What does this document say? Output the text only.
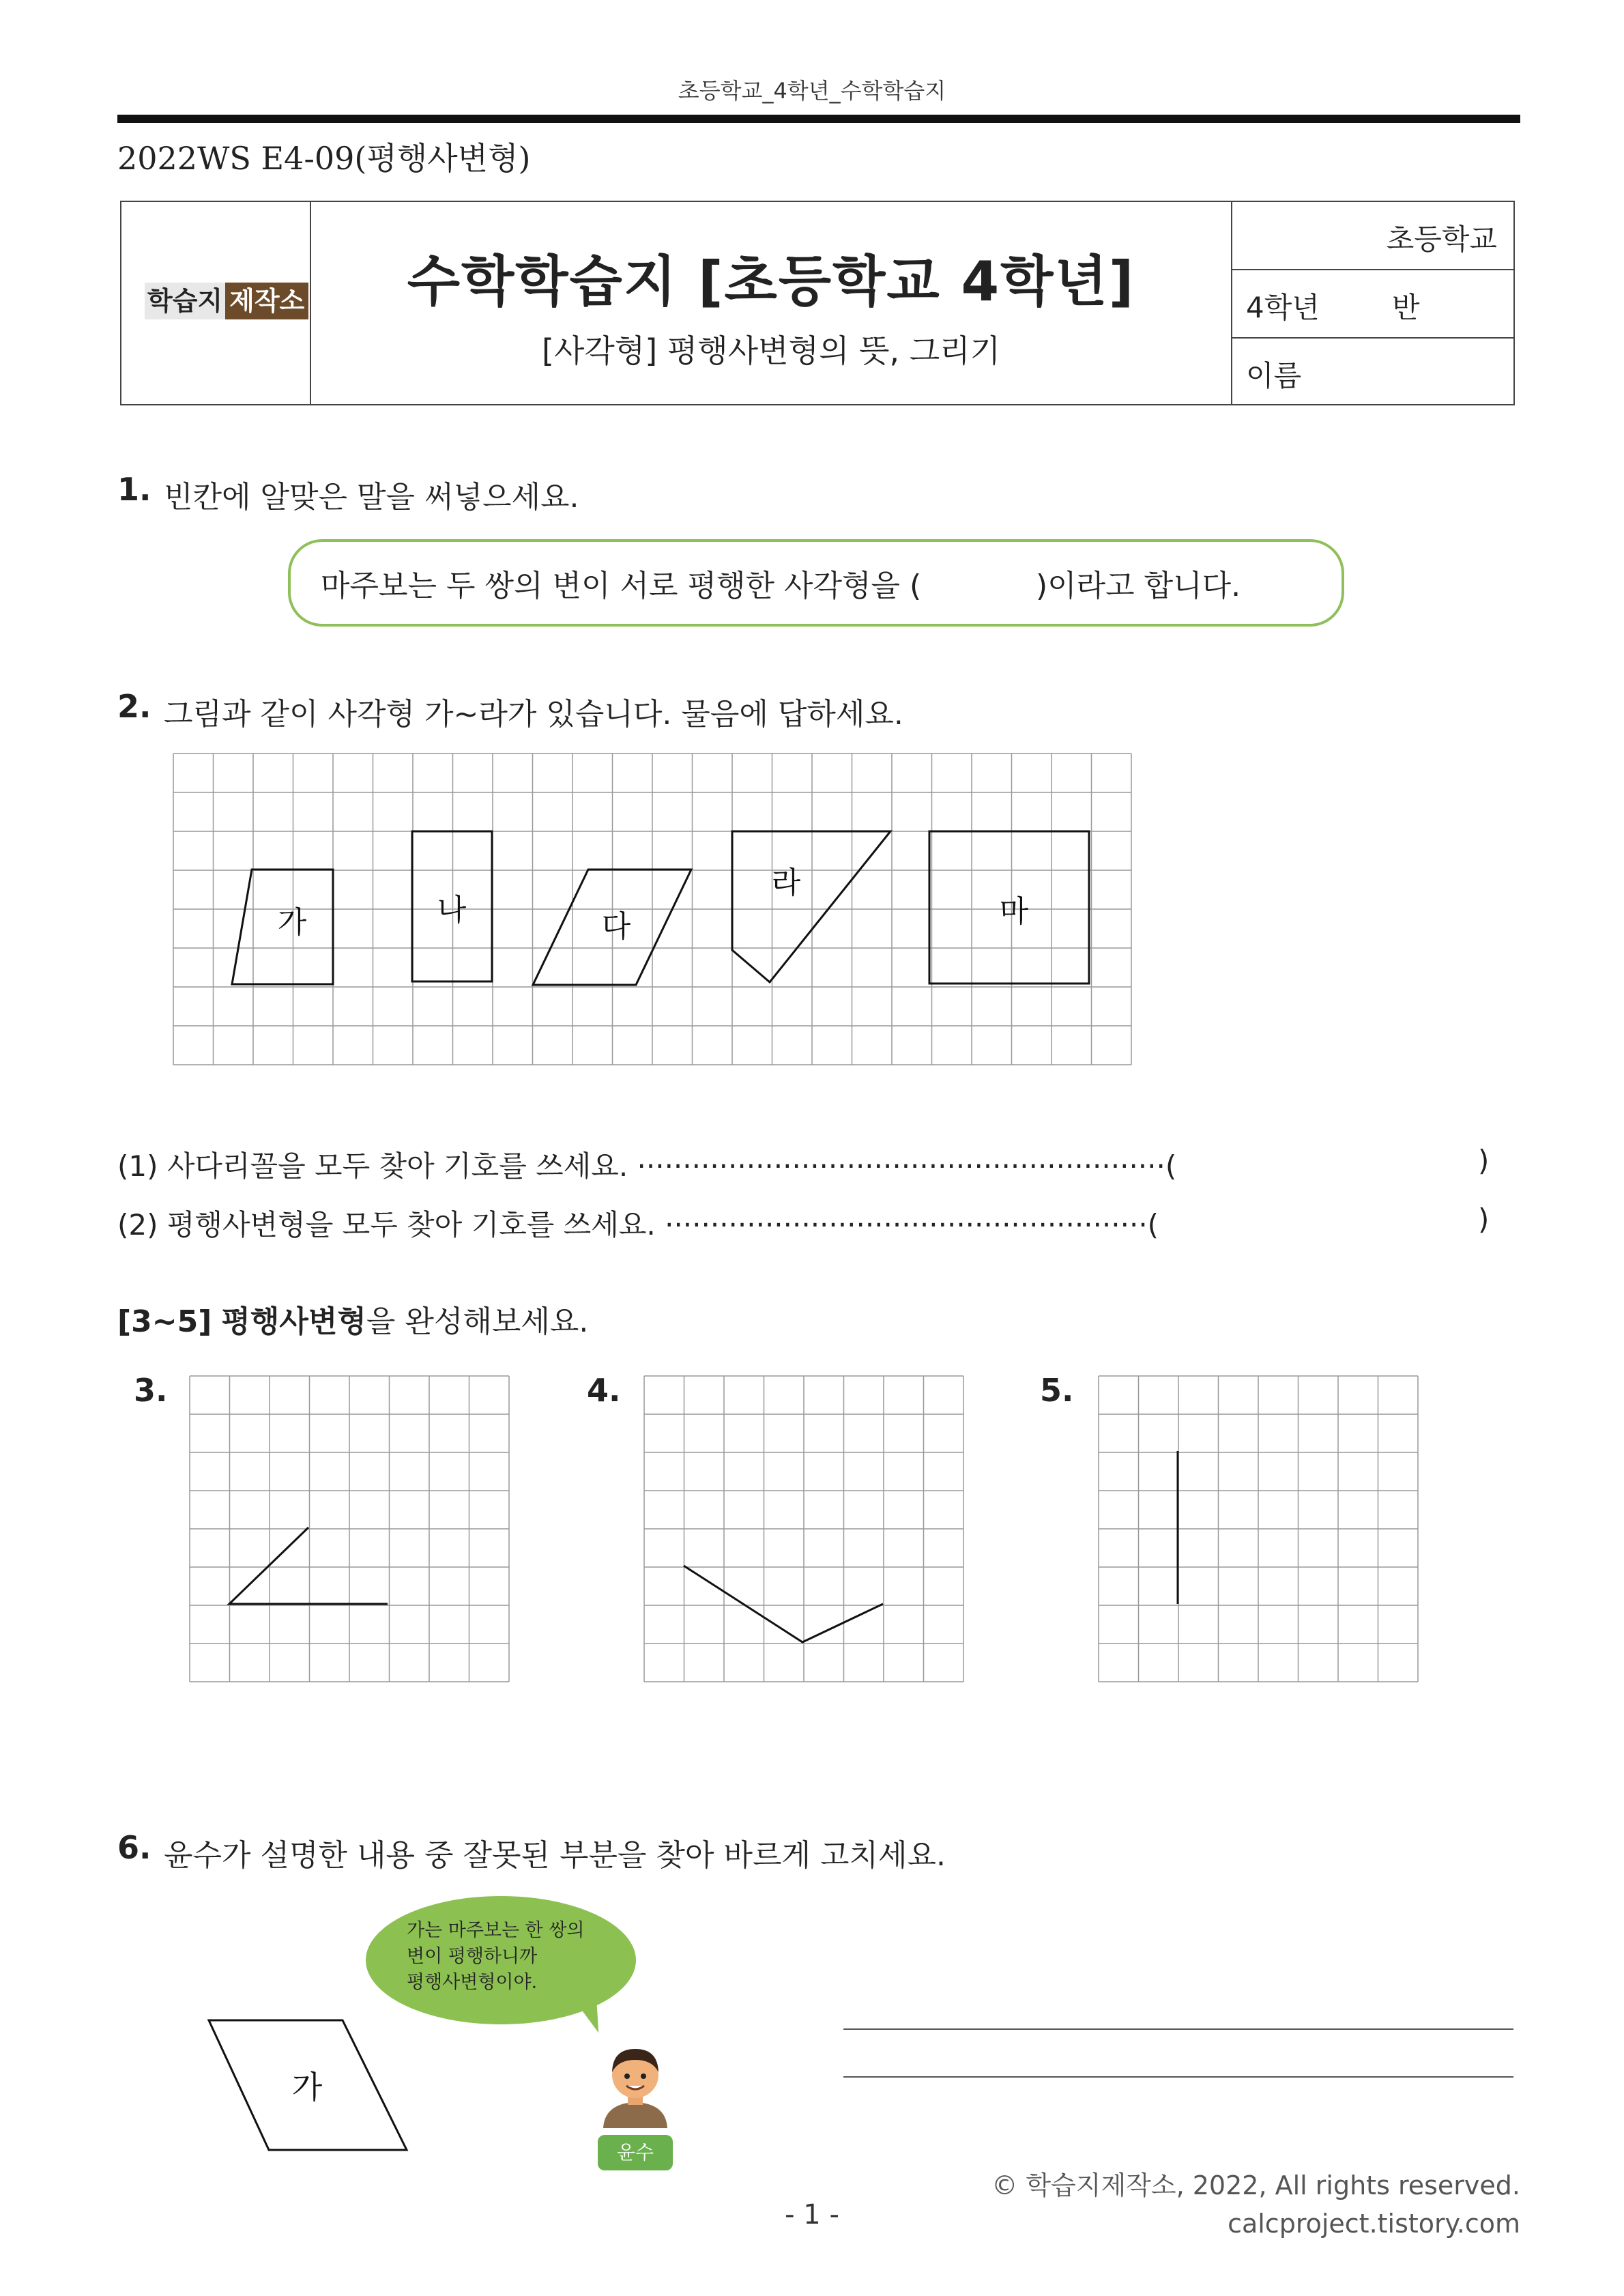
초등학교_4학년_수학학습지
2022WS E4-09(평행사변형)
학습지 제작소	수학학습지 [초등학교 4학년]
[사각형] 평행사변형의 뜻, 그리기
초등학교
4학년	반
이름
1. 빈칸에 알맞은 말을 써넣으세요.
마주보는 두 쌍의 변이 서로 평행한 사각형을 (            )이라고 합니다.
2. 그림과 같이 사각형 가~라가 있습니다. 물음에 답하세요.
가	나	다
라
마
(1) 사다리꼴을 모두 찾아 기호를 쓰세요. ··························································(	)
(2) 평행사변형을 모두 찾아 기호를 쓰세요. ·····················································(	)
[3~5] 평행사변형을 완성해보세요.
3.	4.	5.
6. 윤수가 설명한 내용 중 잘못된 부분을 찾아 바르게 고치세요.
가
가는 마주보는 한 쌍의
변이 평행하니까
평행사변형이야.
윤수
© 학습지제작소, 2022, All rights reserved.
calcproject.tistory.com
- 1 -
